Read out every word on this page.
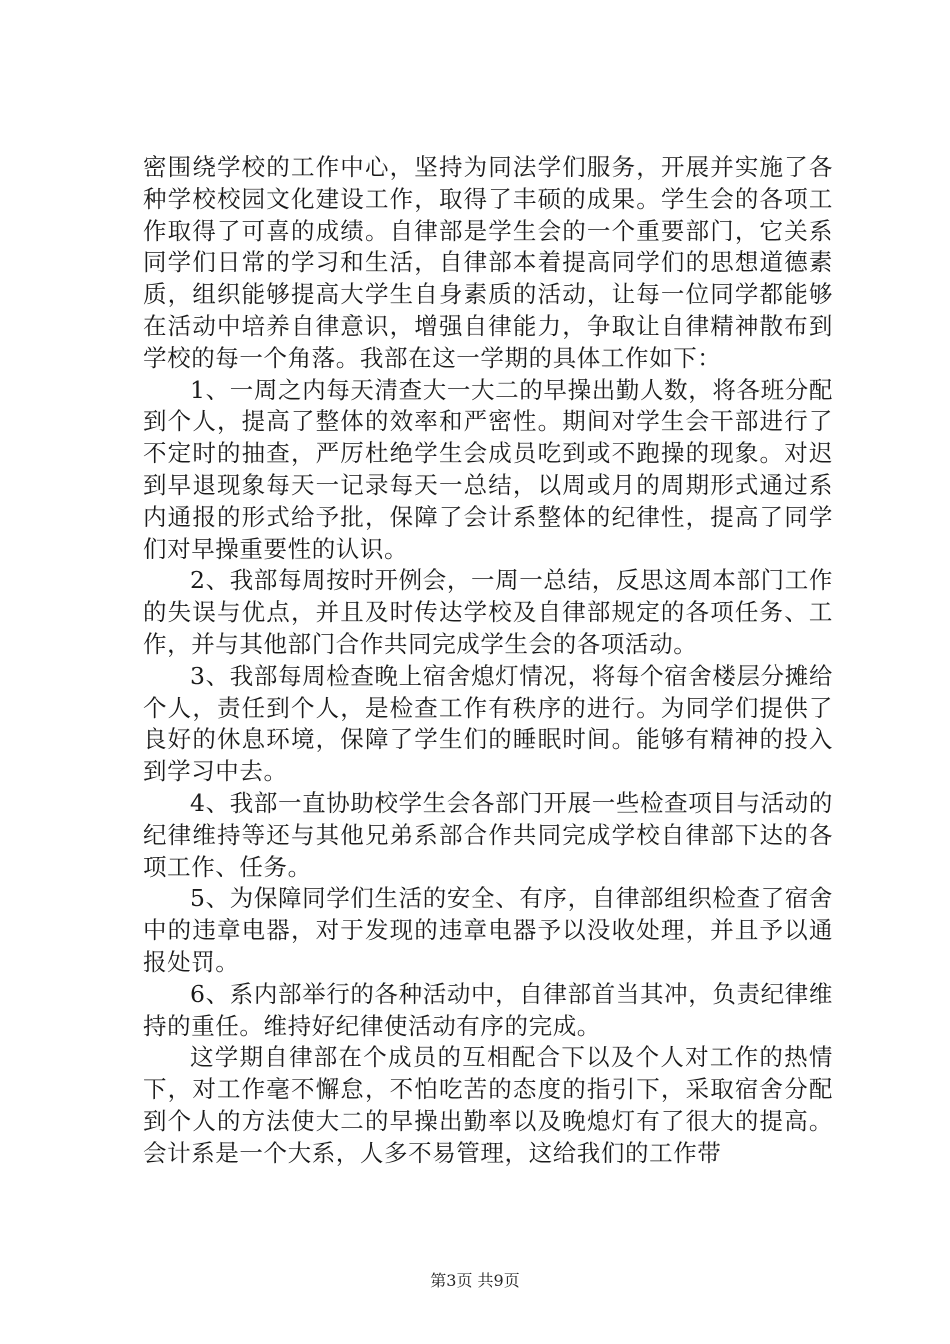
密围绕学校的工作中心，坚持为同法学们服务，开展并实施了各种学校校园文化建设工作，取得了丰硕的成果。学生会的各项工作取得了可喜的成绩。自律部是学生会的一个重要部门，它关系同学们日常的学习和生活，自律部本着提高同学们的思想道德素质，组织能够提高大学生自身素质的活动，让每一位同学都能够在活动中培养自律意识，增强自律能力，争取让自律精神散布到学校的每一个角落。我部在这一学期的具体工作如下：

1、一周之内每天清查大一大二的早操出勤人数，将各班分配到个人，提高了整体的效率和严密性。期间对学生会干部进行了不定时的抽查，严厉杜绝学生会成员吃到或不跑操的现象。对迟到早退现象每天一记录每天一总结，以周或月的周期形式通过系内通报的形式给予批，保障了会计系整体的纪律性，提高了同学们对早操重要性的认识。

2、我部每周按时开例会，一周一总结，反思这周本部门工作的失误与优点，并且及时传达学校及自律部规定的各项任务、工作，并与其他部门合作共同完成学生会的各项活动。

3、我部每周检查晚上宿舍熄灯情况，将每个宿舍楼层分摊给个人，责任到个人，是检查工作有秩序的进行。为同学们提供了良好的休息环境，保障了学生们的睡眠时间。能够有精神的投入到学习中去。

4、我部一直协助校学生会各部门开展一些检查项目与活动的纪律维持等还与其他兄弟系部合作共同完成学校自律部下达的各项工作、任务。

5、为保障同学们生活的安全、有序，自律部组织检查了宿舍中的违章电器，对于发现的违章电器予以没收处理，并且予以通报处罚。

6、系内部举行的各种活动中，自律部首当其冲，负责纪律维持的重任。维持好纪律使活动有序的完成。

这学期自律部在个成员的互相配合下以及个人对工作的热情下，对工作毫不懈怠，不怕吃苦的态度的指引下，采取宿舍分配到个人的方法使大二的早操出勤率以及晚熄灯有了很大的提高。会计系是一个大系，人多不易管理，这给我们的工作带

第3页 共9页
